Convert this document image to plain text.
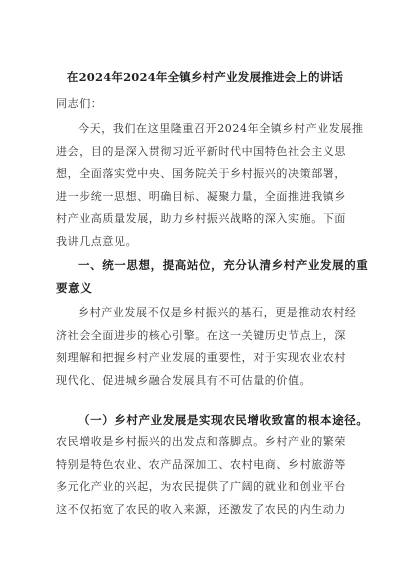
在2024年2024年全镇乡村产业发展推进会上的讲话
同志们：
今天，我们在这里隆重召开2024年全镇乡村产业发展推
进会，目的是深入贯彻习近平新时代中国特色社会主义思
想，全面落实党中央、国务院关于乡村振兴的决策部署，
进一步统一思想、明确目标、凝聚力量，全面推进我镇乡
村产业高质量发展，助力乡村振兴战略的深入实施。下面
我讲几点意见。
一、统一思想，提高站位，充分认清乡村产业发展的重
要意义
乡村产业发展不仅是乡村振兴的基石，更是推动农村经
济社会全面进步的核心引擎。在这一关键历史节点上，深
刻理解和把握乡村产业发展的重要性，对于实现农业农村
现代化、促进城乡融合发展具有不可估量的价值。
（一）乡村产业发展是实现农民增收致富的根本途径。
农民增收是乡村振兴的出发点和落脚点。乡村产业的繁荣
特别是特色农业、农产品深加工、农村电商、乡村旅游等
多元化产业的兴起，为农民提供了广阔的就业和创业平台
这不仅拓宽了农民的收入来源，还激发了农民的内生动力
